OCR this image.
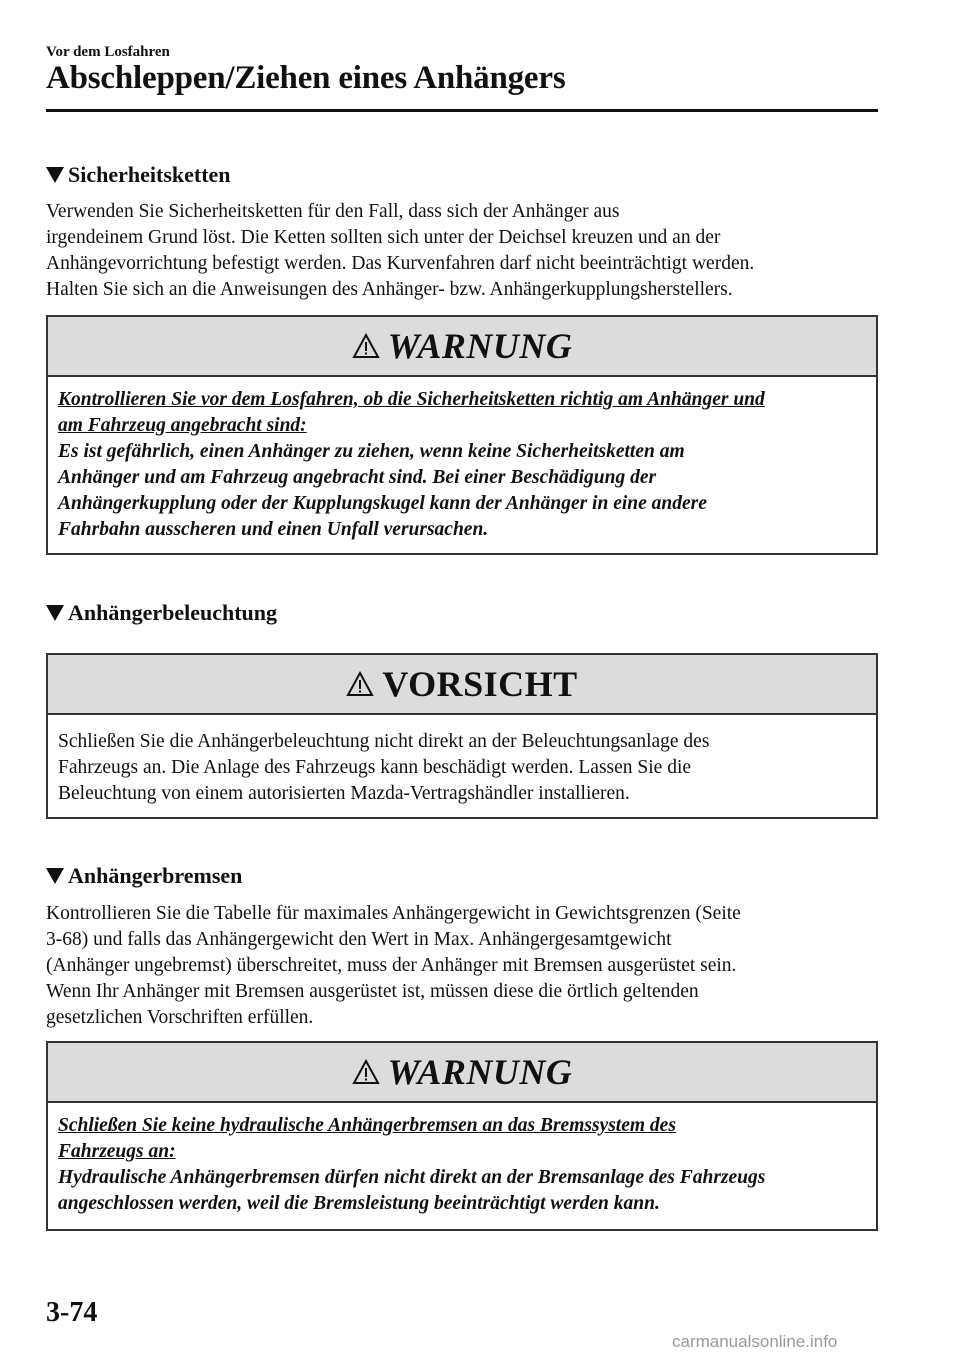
Vor dem Losfahren
Abschleppen/Ziehen eines Anhängers
Sicherheitsketten
Verwenden Sie Sicherheitsketten für den Fall, dass sich der Anhänger aus
irgendeinem Grund löst. Die Ketten sollten sich unter der Deichsel kreuzen und an der
Anhängevorrichtung befestigt werden. Das Kurvenfahren darf nicht beeinträchtigt werden.
Halten Sie sich an die Anweisungen des Anhänger- bzw. Anhängerkupplungsherstellers.
WARNUNG
Kontrollieren Sie vor dem Losfahren, ob die Sicherheitsketten richtig am Anhänger und
am Fahrzeug angebracht sind:
Es ist gefährlich, einen Anhänger zu ziehen, wenn keine Sicherheitsketten am
Anhänger und am Fahrzeug angebracht sind. Bei einer Beschädigung der
Anhängerkupplung oder der Kupplungskugel kann der Anhänger in eine andere
Fahrbahn ausscheren und einen Unfall verursachen.
Anhängerbeleuchtung
VORSICHT
Schließen Sie die Anhängerbeleuchtung nicht direkt an der Beleuchtungsanlage des
Fahrzeugs an. Die Anlage des Fahrzeugs kann beschädigt werden. Lassen Sie die
Beleuchtung von einem autorisierten Mazda-Vertragshändler installieren.
Anhängerbremsen
Kontrollieren Sie die Tabelle für maximales Anhängergewicht in Gewichtsgrenzen (Seite
3-68) und falls das Anhängergewicht den Wert in Max. Anhängergesamtgewicht
(Anhänger ungebremst) überschreitet, muss der Anhänger mit Bremsen ausgerüstet sein.
Wenn Ihr Anhänger mit Bremsen ausgerüstet ist, müssen diese die örtlich geltenden
gesetzlichen Vorschriften erfüllen.
WARNUNG
Schließen Sie keine hydraulische Anhängerbremsen an das Bremssystem des
Fahrzeugs an:
Hydraulische Anhängerbremsen dürfen nicht direkt an der Bremsanlage des Fahrzeugs
angeschlossen werden, weil die Bremsleistung beeinträchtigt werden kann.
3-74
carmanualsonline.info
